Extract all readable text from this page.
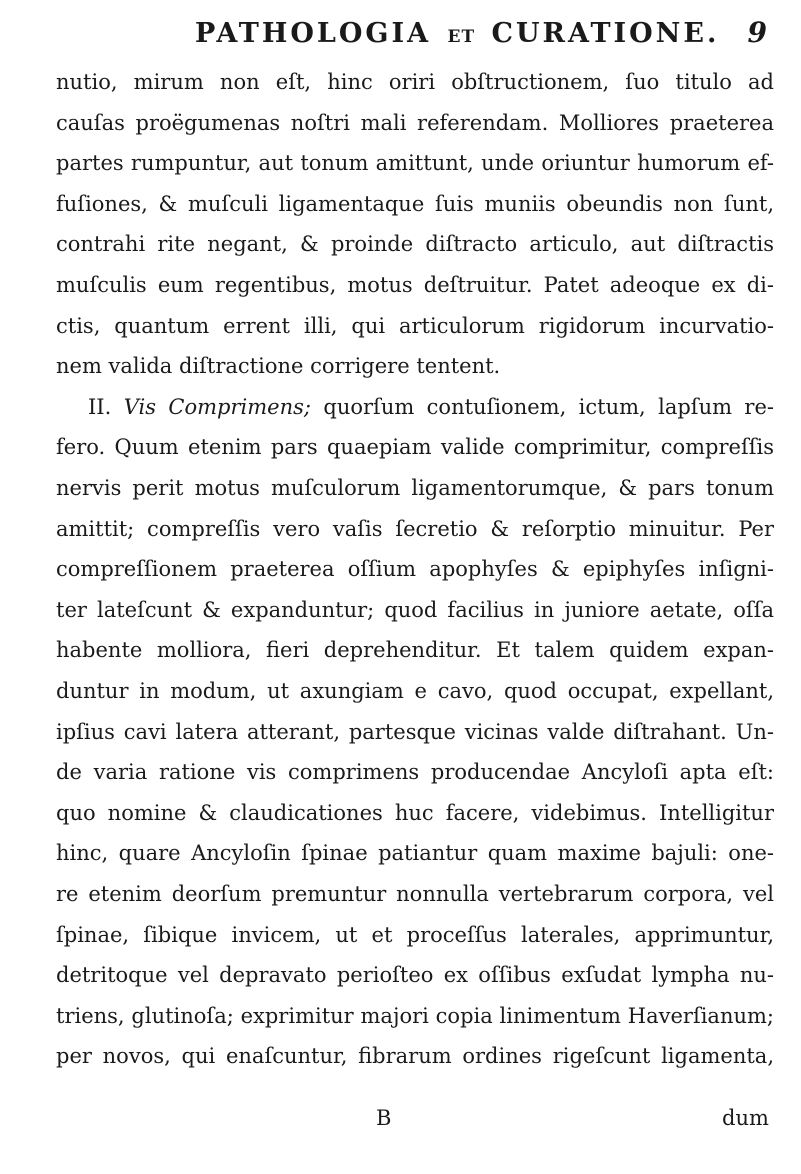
PATHOLOGIA ET CURATIONE.	9
nutio, mirum non eſt, hinc oriri obſtructionem, ſuo titulo ad
cauſas proëgumenas noſtri mali referendam. Molliores praeterea
partes rumpuntur, aut tonum amittunt, unde oriuntur humorum ef-
fuſiones, & muſculi ligamentaque ſuis muniis obeundis non ſunt,
contrahi rite negant, & proinde diſtracto articulo, aut diſtractis
muſculis eum regentibus, motus deſtruitur. Patet adeoque ex di-
ctis, quantum errent illi, qui articulorum rigidorum incurvatio-
nem valida diſtractione corrigere tentent.
II. Vis Comprimens; quorſum contuſionem, ictum, lapſum re-
fero. Quum etenim pars quaepiam valide comprimitur, compreſſis
nervis perit motus muſculorum ligamentorumque, & pars tonum
amittit; compreſſis vero vaſis ſecretio & reſorptio minuitur. Per
compreſſionem praeterea oſſium apophyſes & epiphyſes inſigni-
ter lateſcunt & expanduntur; quod facilius in juniore aetate, oſſa
habente molliora, fieri deprehenditur. Et talem quidem expan-
duntur in modum, ut axungiam e cavo, quod occupat, expellant,
ipſius cavi latera atterant, partesque vicinas valde diſtrahant. Un-
de varia ratione vis comprimens producendae Ancyloſi apta eſt:
quo nomine & claudicationes huc facere, videbimus. Intelligitur
hinc, quare Ancyloſin ſpinae patiantur quam maxime bajuli: one-
re etenim deorſum premuntur nonnulla vertebrarum corpora, vel
ſpinae, ſibique invicem, ut et proceſſus laterales, apprimuntur,
detritoque vel depravato perioſteo ex oſſibus exſudat lympha nu-
triens, glutinoſa; exprimitur majori copia linimentum Haverſianum;
per novos, qui enaſcuntur, fibrarum ordines rigeſcunt ligamenta,
B	dum
